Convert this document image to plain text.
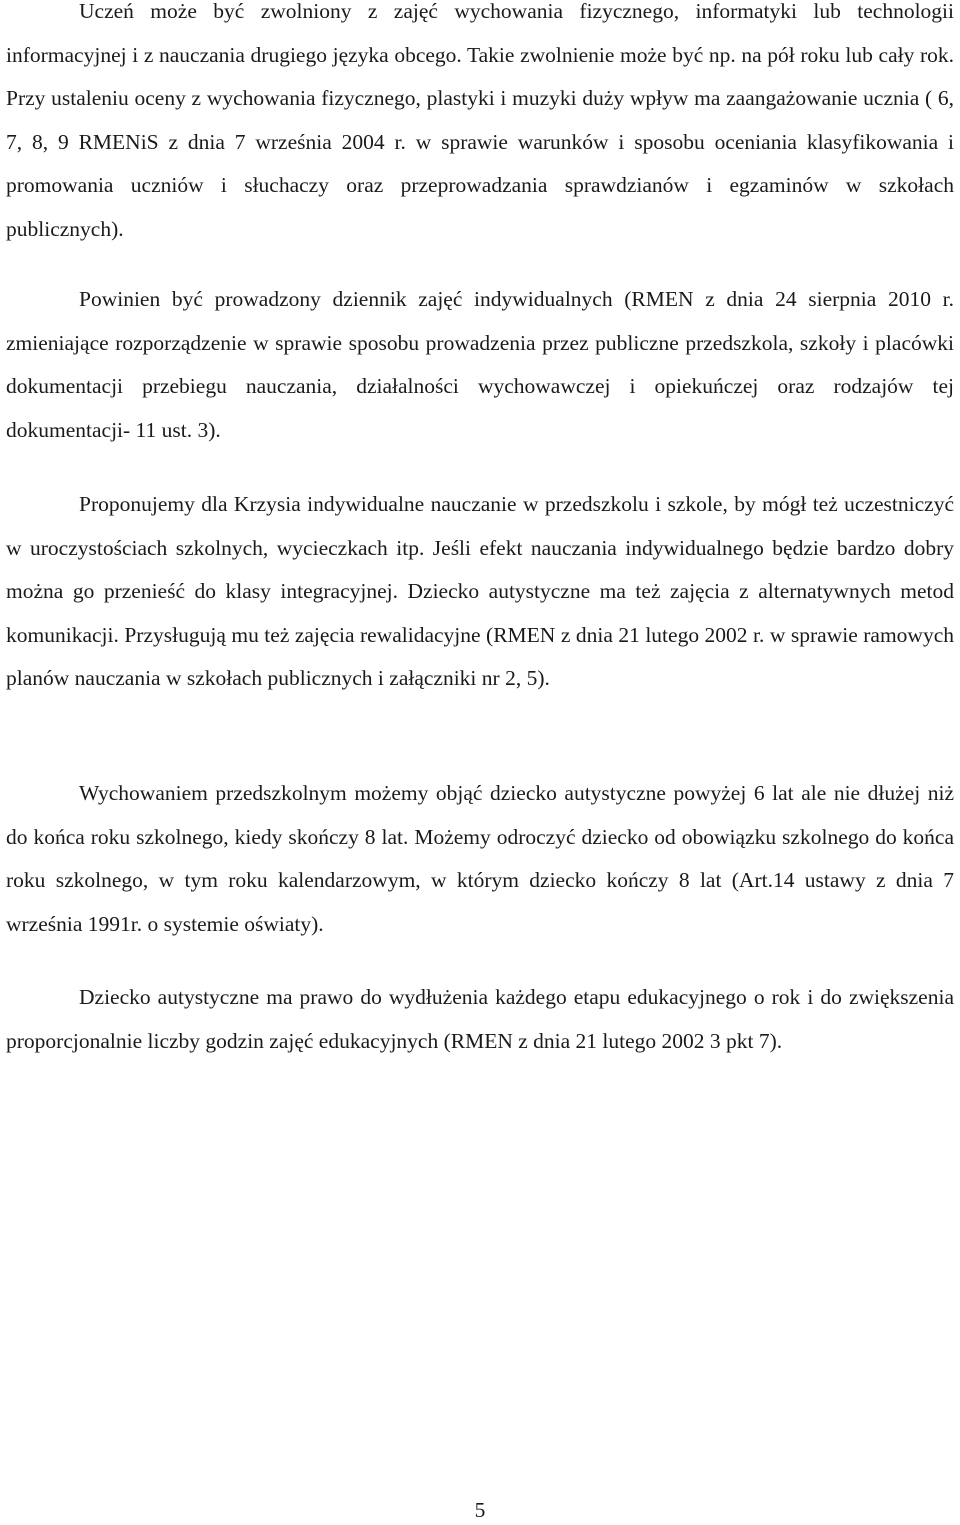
Uczeń może być zwolniony z zajęć wychowania fizycznego, informatyki lub technologii informacyjnej i z nauczania drugiego języka obcego. Takie zwolnienie może być np. na pół roku lub cały rok. Przy ustaleniu oceny z wychowania fizycznego, plastyki i muzyki duży wpływ ma zaangażowanie ucznia ( 6, 7, 8, 9 RMENiS z dnia 7 września 2004 r. w sprawie warunków i sposobu oceniania klasyfikowania i promowania uczniów i słuchaczy oraz przeprowadzania sprawdzianów i egzaminów w szkołach publicznych).

Powinien być prowadzony dziennik zajęć indywidualnych (RMEN z dnia 24 sierpnia 2010 r. zmieniające rozporządzenie w sprawie sposobu prowadzenia przez publiczne przedszkola, szkoły i placówki dokumentacji przebiegu nauczania, działalności wychowawczej i opiekuńczej oraz rodzajów tej dokumentacji- 11 ust. 3).

Proponujemy dla Krzysia indywidualne nauczanie w przedszkolu i szkole, by mógł też uczestniczyć w uroczystościach szkolnych, wycieczkach itp. Jeśli efekt nauczania indywidualnego będzie bardzo dobry można go przenieść do klasy integracyjnej. Dziecko autystyczne ma też zajęcia z alternatywnych metod komunikacji. Przysługują mu też zajęcia rewalidacyjne (RMEN z dnia 21 lutego 2002 r. w sprawie ramowych planów nauczania w szkołach publicznych i załączniki nr 2, 5).

Wychowaniem przedszkolnym możemy objąć dziecko autystyczne powyżej 6 lat ale nie dłużej niż do końca roku szkolnego, kiedy skończy 8 lat. Możemy odroczyć dziecko od obowiązku szkolnego do końca roku szkolnego, w tym roku kalendarzowym, w którym dziecko kończy 8 lat (Art.14 ustawy z dnia 7 września 1991r. o systemie oświaty).

Dziecko autystyczne ma prawo do wydłużenia każdego etapu edukacyjnego o rok i do zwiększenia proporcjonalnie liczby godzin zajęć edukacyjnych (RMEN z dnia 21 lutego 2002 3 pkt 7).

5
